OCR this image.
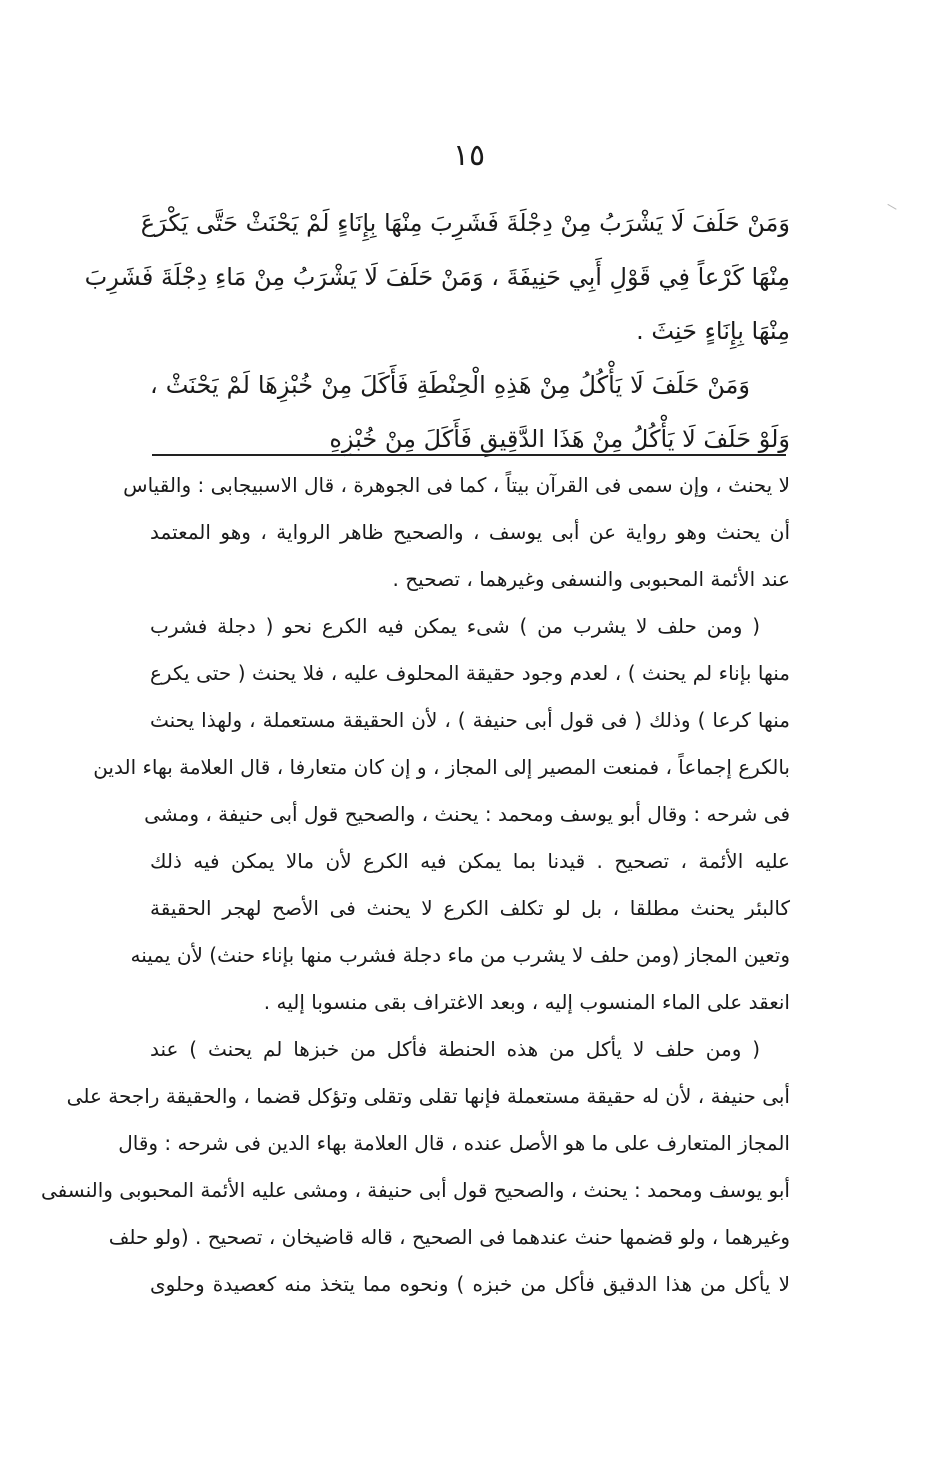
١٥
وَمَنْ حَلَفَ لَا يَشْرَبُ مِنْ دِجْلَةَ فَشَرِبَ مِنْهَا بِإِنَاءٍ لَمْ يَحْنَثْ حَتَّى يَكْرَعَ
مِنْهَا كَرْعاً فِي قَوْلِ أَبِي حَنِيفَةَ ، وَمَنْ حَلَفَ لَا يَشْرَبُ مِنْ مَاءِ دِجْلَةَ فَشَرِبَ
مِنْهَا بِإِنَاءٍ حَنِثَ .
وَمَنْ حَلَفَ لَا يَأْكُلُ مِنْ هَذِهِ الْحِنْطَةِ فَأَكَلَ مِنْ خُبْزِهَا لَمْ يَحْنَثْ ،
وَلَوْ حَلَفَ لَا يَأْكُلُ مِنْ هَذَا الدَّقِيقِ فَأَكَلَ مِنْ خُبْزِهِ
لا يحنث ، وإن سمى فى القرآن بيتاً ، كما فى الجوهرة ، قال الاسبيجابى : والقياس
أن يحنث وهو رواية عن أبى يوسف ، والصحيح ظاهر الرواية ، وهو المعتمد
عند الأئمة المحبوبى والنسفى وغيرهما ، تصحيح .
( ومن حلف لا يشرب من ) شىء يمكن فيه الكرع نحو ( دجلة فشرب
منها بإناء لم يحنث ) ، لعدم وجود حقيقة المحلوف عليه ، فلا يحنث ( حتى يكرع
منها كرعا ) وذلك ( فى قول أبى حنيفة ) ، لأن الحقيقة مستعملة ، ولهذا يحنث
بالكرع إجماعاً ، فمنعت المصير إلى المجاز ، و إن كان متعارفا ، قال العلامة بهاء الدين
فى شرحه : وقال أبو يوسف ومحمد : يحنث ، والصحيح قول أبى حنيفة ، ومشى
عليه الأئمة ، تصحيح . قيدنا بما يمكن فيه الكرع لأن مالا يمكن فيه ذلك
كالبئر يحنث مطلقا ، بل لو تكلف الكرع لا يحنث فى الأصح لهجر الحقيقة
وتعين المجاز (ومن حلف لا يشرب من ماء دجلة فشرب منها بإناء حنث) لأن يمينه
انعقد على الماء المنسوب إليه ، وبعد الاغتراف بقى منسوبا إليه .
( ومن حلف لا يأكل من هذه الحنطة فأكل من خبزها لم يحنث ) عند
أبى حنيفة ، لأن له حقيقة مستعملة فإنها تقلى وتقلى وتؤكل قضما ، والحقيقة راجحة على
المجاز المتعارف على ما هو الأصل عنده ، قال العلامة بهاء الدين فى شرحه : وقال
أبو يوسف ومحمد : يحنث ، والصحيح قول أبى حنيفة ، ومشى عليه الأئمة المحبوبى والنسفى
وغيرهما ، ولو قضمها حنث عندهما فى الصحيح ، قاله قاضيخان ، تصحيح . (ولو حلف
لا يأكل من هذا الدقيق فأكل من خبزه ) ونحوه مما يتخذ منه كعصيدة وحلوى
